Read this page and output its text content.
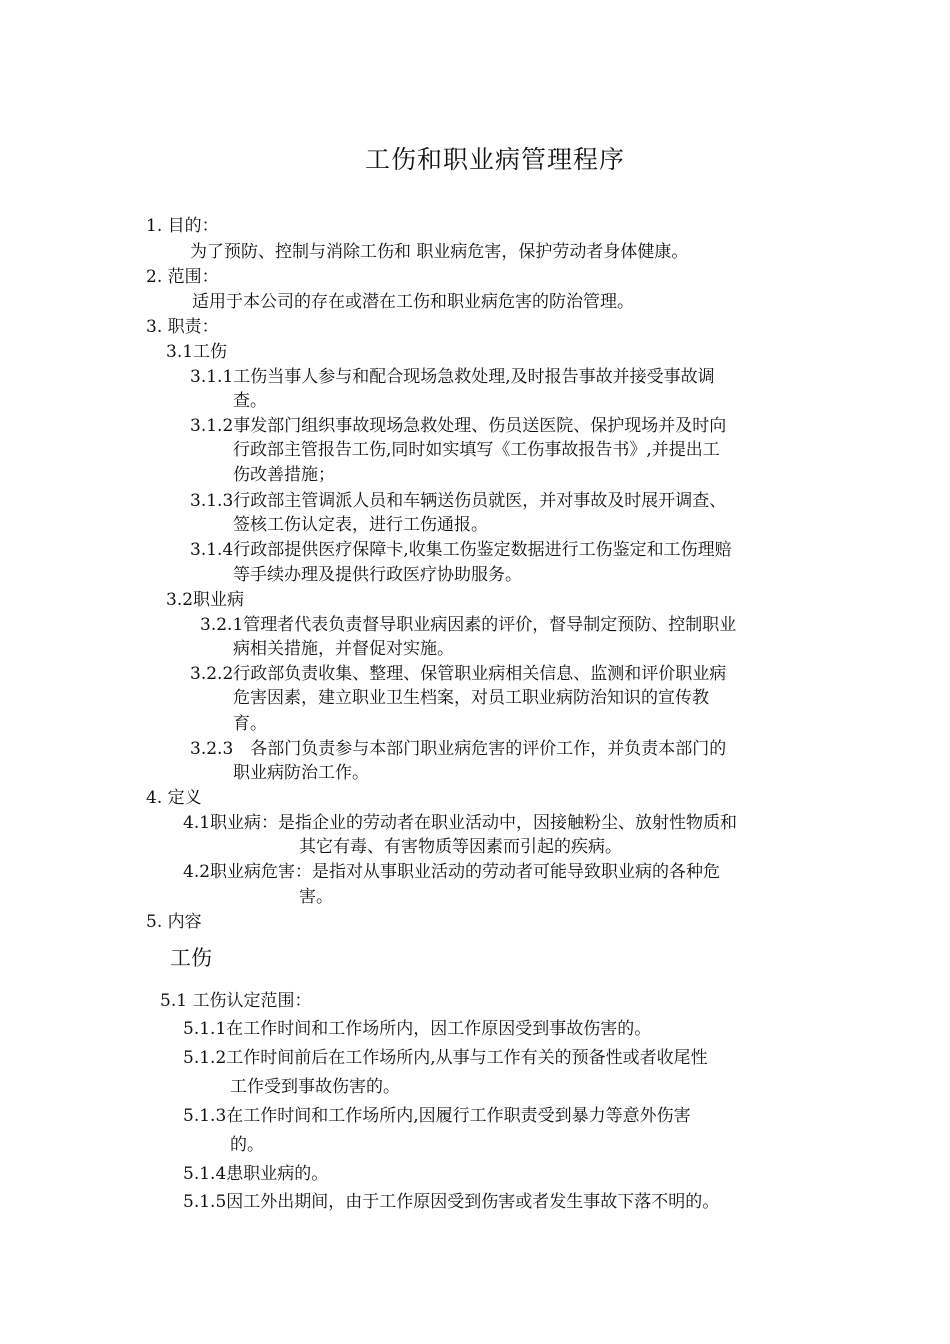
工伤和职业病管理程序
1. 目的：
为了预防、控制与消除工伤和 职业病危害，保护劳动者身体健康。
2. 范围：
适用于本公司的存在或潜在工伤和职业病危害的防治管理。
3. 职责：
3.1工伤
3.1.1工伤当事人参与和配合现场急救处理,及时报告事故并接受事故调
查。
3.1.2事发部门组织事故现场急救处理、伤员送医院、保护现场并及时向
行政部主管报告工伤,同时如实填写《工伤事故报告书》,并提出工
伤改善措施；
3.1.3行政部主管调派人员和车辆送伤员就医，并对事故及时展开调查、
签核工伤认定表，进行工伤通报。
3.1.4行政部提供医疗保障卡,收集工伤鉴定数据进行工伤鉴定和工伤理赔
等手续办理及提供行政医疗协助服务。
3.2职业病
3.2.1管理者代表负责督导职业病因素的评价，督导制定预防、控制职业
病相关措施，并督促对实施。
3.2.2行政部负责收集、整理、保管职业病相关信息、监测和评价职业病
危害因素，建立职业卫生档案，对员工职业病防治知识的宣传教
育。
3.2.3　各部门负责参与本部门职业病危害的评价工作，并负责本部门的
职业病防治工作。
4. 定义
4.1职业病：是指企业的劳动者在职业活动中，因接触粉尘、放射性物质和
其它有毒、有害物质等因素而引起的疾病。
4.2职业病危害：是指对从事职业活动的劳动者可能导致职业病的各种危
害。
5. 内容
工伤
5.1 工伤认定范围：
5.1.1在工作时间和工作场所内，因工作原因受到事故伤害的。
5.1.2工作时间前后在工作场所内,从事与工作有关的预备性或者收尾性
工作受到事故伤害的。
5.1.3在工作时间和工作场所内,因履行工作职责受到暴力等意外伤害
的。
5.1.4患职业病的。
5.1.5因工外出期间，由于工作原因受到伤害或者发生事故下落不明的。
